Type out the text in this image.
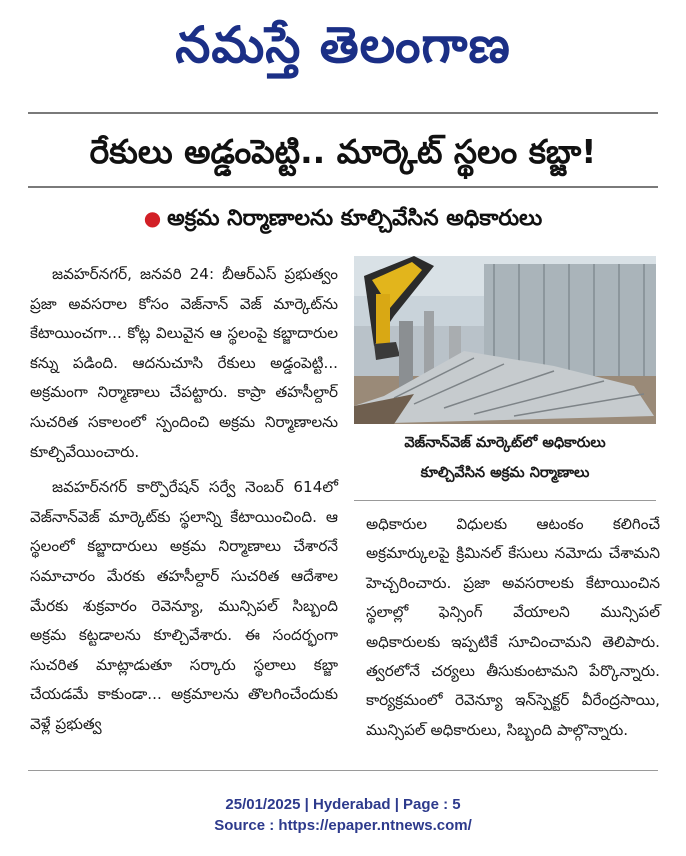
నమస్తే తెలంగాణ
రేకులు అడ్డంపెట్టి.. మార్కెట్ స్థలం కబ్జా!
● అక్రమ నిర్మాణాలను కూల్చివేసిన అధికారులు

జవహర్‌నగర్, జనవరి 24: బీఆర్‌ఎస్ ప్రభుత్వం ప్రజా అవసరాల కోసం వెజ్‌నాన్ వెజ్ మార్కెట్‌ను కేటాయించగా... కోట్ల విలువైన ఆ స్థలంపై కబ్జాదారుల కన్ను పడింది. ఆదనుచూసి రేకులు అడ్డంపెట్టి... అక్రమంగా నిర్మాణాలు చేపట్టారు. కాప్రా తహసీల్దార్ సుచరిత సకాలంలో స్పందించి అక్రమ నిర్మాణాలను కూల్చివేయించారు.

జవహర్‌నగర్ కార్పొరేషన్ సర్వే నెంబర్ 614లో వెజ్‌నాన్‌వెజ్ మార్కెట్‌కు స్థలాన్ని కేటాయించింది. ఆ స్థలంలో కబ్జాదారులు అక్రమ నిర్మాణాలు చేశారనే సమాచారం మేరకు తహసీల్దార్ సుచరిత ఆదేశాల మేరకు శుక్రవారం రెవెన్యూ, మున్సిపల్ సిబ్బంది అక్రమ కట్టడాలను కూల్చివేశారు. ఈ సందర్భంగా సుచరిత మాట్లాడుతూ సర్కారు స్థలాలు కబ్జా చేయడమే కాకుండా... అక్రమాలను తొలగించేందుకు వెళ్లే ప్రభుత్వ

వెజ్‌నాన్‌వెజ్ మార్కెట్‌లో అధికారులు
కూల్చివేసిన అక్రమ నిర్మాణాలు

అధికారుల విధులకు ఆటంకం కలిగించే అక్రమార్కులపై క్రిమినల్ కేసులు నమోదు చేశామని హెచ్చరించారు. ప్రజా అవసరాలకు కేటాయించిన స్థలాల్లో ఫెన్సింగ్ వేయాలని మున్సిపల్ అధికారులకు ఇప్పటికే సూచించామని తెలిపారు. త్వరలోనే చర్యలు తీసుకుంటామని పేర్కొన్నారు. కార్యక్రమంలో రెవెన్యూ ఇన్‌స్పెక్టర్ వీరేంద్రసాయి, మున్సిపల్ అధికారులు, సిబ్బంది పాల్గొన్నారు.

25/01/2025 | Hyderabad | Page : 5
Source : https://epaper.ntnews.com/
